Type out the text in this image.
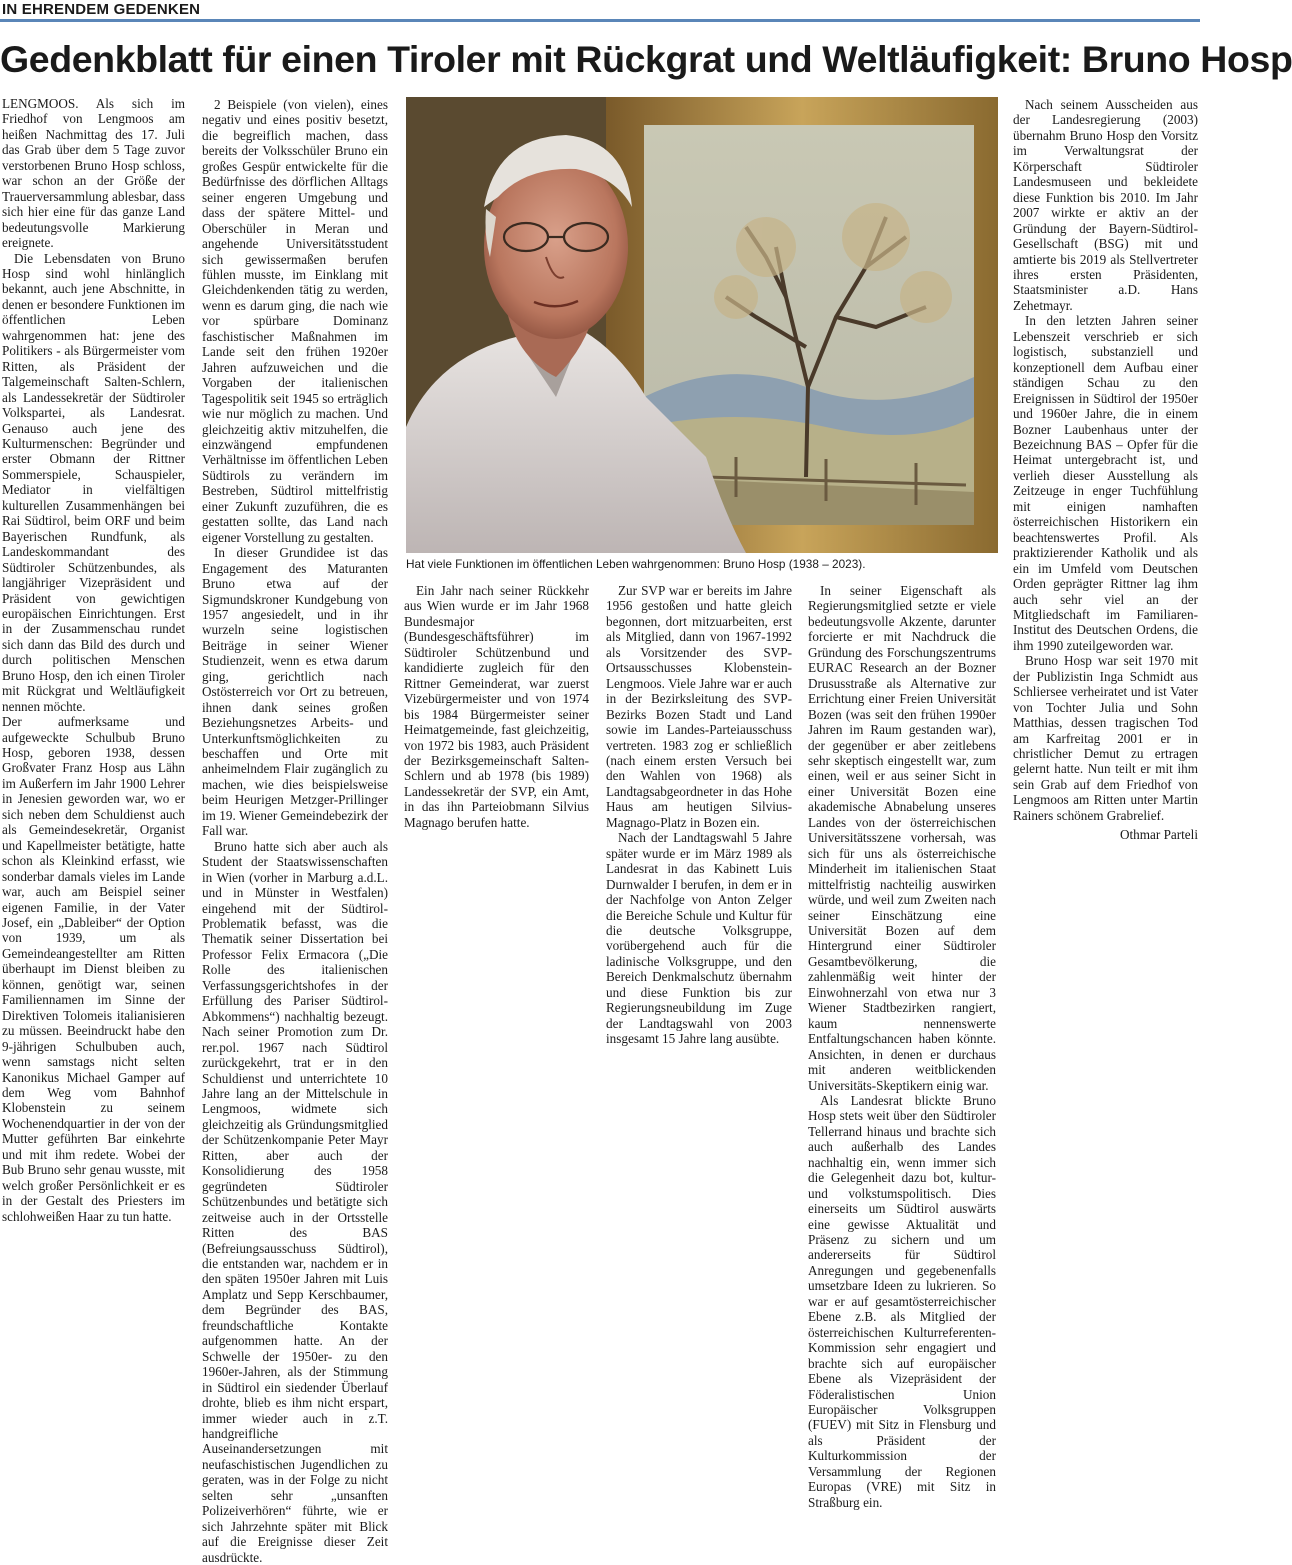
IN EHRENDEM GEDENKEN
Gedenkblatt für einen Tiroler mit Rückgrat und Weltläufigkeit: Bruno Hosp

LENGMOOS. Als sich im Friedhof von Lengmoos am heißen Nachmittag des 17. Juli das Grab über dem 5 Tage zuvor verstorbenen Bruno Hosp schloss, war schon an der Größe der Trauerversammlung ablesbar, dass sich hier eine für das ganze Land bedeutungsvolle Markierung ereignete.

Die Lebensdaten von Bruno Hosp sind wohl hinlänglich bekannt, auch jene Abschnitte, in denen er besondere Funktionen im öffentlichen Leben wahrgenommen hat: jene des Politikers - als Bürgermeister vom Ritten, als Präsident der Talgemeinschaft Salten-Schlern, als Landessekretär der Südtiroler Volkspartei, als Landesrat. Genauso auch jene des Kulturmenschen: Begründer und erster Obmann der Rittner Sommerspiele, Schauspieler, Mediator in vielfältigen kulturellen Zusammenhängen bei Rai Südtirol, beim ORF und beim Bayerischen Rundfunk, als Landeskommandant des Südtiroler Schützenbundes, als langjähriger Vizepräsident und Präsident von gewichtigen europäischen Einrichtungen. Erst in der Zusammenschau rundet sich dann das Bild des durch und durch politischen Menschen Bruno Hosp, den ich einen Tiroler mit Rückgrat und Weltläufigkeit nennen möchte.

Der aufmerksame und aufgeweckte Schulbub Bruno Hosp, geboren 1938, dessen Großvater Franz Hosp aus Lähn im Außerfern im Jahr 1900 Lehrer in Jenesien geworden war, wo er sich neben dem Schuldienst auch als Gemeindesekretär, Organist und Kapellmeister betätigte, hatte schon als Kleinkind erfasst, wie sonderbar damals vieles im Lande war, auch am Beispiel seiner eigenen Familie, in der Vater Josef, ein „Dableiber“ der Option von 1939, um als Gemeindeangestellter am Ritten überhaupt im Dienst bleiben zu können, genötigt war, seinen Familiennamen im Sinne der Direktiven Tolomeis italianisieren zu müssen. Beeindruckt habe den 9-jährigen Schulbuben auch, wenn samstags nicht selten Kanonikus Michael Gamper auf dem Weg vom Bahnhof Klobenstein zu seinem Wochenendquartier in der von der Mutter geführten Bar einkehrte und mit ihm redete. Wobei der Bub Bruno sehr genau wusste, mit welch großer Persönlichkeit er es in der Gestalt des Priesters im schlohweißen Haar zu tun hatte.

2 Beispiele (von vielen), eines negativ und eines positiv besetzt, die begreiflich machen, dass bereits der Volksschüler Bruno ein großes Gespür entwickelte für die Bedürfnisse des dörflichen Alltags seiner engeren Umgebung und dass der spätere Mittel- und Oberschüler in Meran und angehende Universitätsstudent sich gewissermaßen berufen fühlen musste, im Einklang mit Gleichdenkenden tätig zu werden, wenn es darum ging, die nach wie vor spürbare Dominanz faschistischer Maßnahmen im Lande seit den frühen 1920er Jahren aufzuweichen und die Vorgaben der italienischen Tagespolitik seit 1945 so erträglich wie nur möglich zu machen. Und gleichzeitig aktiv mitzuhelfen, die einzwängend empfundenen Verhältnisse im öffentlichen Leben Südtirols zu verändern im Bestreben, Südtirol mittelfristig einer Zukunft zuzuführen, die es gestatten sollte, das Land nach eigener Vorstellung zu gestalten.

In dieser Grundidee ist das Engagement des Maturanten Bruno etwa auf der Sigmundskroner Kundgebung von 1957 angesiedelt, und in ihr wurzeln seine logistischen Beiträge in seiner Wiener Studienzeit, wenn es etwa darum ging, gerichtlich nach Ostösterreich vor Ort zu betreuen, ihnen dank seines großen Beziehungsnetzes Arbeits- und Unterkunftsmöglichkeiten zu beschaffen und Orte mit anheimelndem Flair zugänglich zu machen, wie dies beispielsweise beim Heurigen Metzger-Prillinger im 19. Wiener Gemeindebezirk der Fall war.

Bruno hatte sich aber auch als Student der Staatswissenschaften in Wien (vorher in Marburg a.d.L. und in Münster in Westfalen) eingehend mit der Südtirol-Problematik befasst, was die Thematik seiner Dissertation bei Professor Felix Ermacora („Die Rolle des italienischen Verfassungsgerichtshofes in der Erfüllung des Pariser Südtirol-Abkommens“) nachhaltig bezeugt. Nach seiner Promotion zum Dr. rer.pol. 1967 nach Südtirol zurückgekehrt, trat er in den Schuldienst und unterrichtete 10 Jahre lang an der Mittelschule in Lengmoos, widmete sich gleichzeitig als Gründungsmitglied der Schützenkompanie Peter Mayr Ritten, aber auch der Konsolidierung des 1958 gegründeten Südtiroler Schützenbundes und betätigte sich zeitweise auch in der Ortsstelle Ritten des BAS (Befreiungsausschuss Südtirol), die entstanden war, nachdem er in den späten 1950er Jahren mit Luis Amplatz und Sepp Kerschbaumer, dem Begründer des BAS, freundschaftliche Kontakte aufgenommen hatte. An der Schwelle der 1950er- zu den 1960er-Jahren, als der Stimmung in Südtirol ein siedender Überlauf drohte, blieb es ihm nicht erspart, immer wieder auch in z.T. handgreifliche Auseinandersetzungen mit neufaschistischen Jugendlichen zu geraten, was in der Folge zu nicht selten sehr „unsanften Polizeiverhören“ führte, wie er sich Jahrzehnte später mit Blick auf die Ereignisse dieser Zeit ausdrückte.

Hat viele Funktionen im öffentlichen Leben wahrgenommen: Bruno Hosp (1938 – 2023).

Ein Jahr nach seiner Rückkehr aus Wien wurde er im Jahr 1968 Bundesmajor (Bundesgeschäftsführer) im Südtiroler Schützenbund und kandidierte zugleich für den Rittner Gemeinderat, war zuerst Vizebürgermeister und von 1974 bis 1984 Bürgermeister seiner Heimatgemeinde, fast gleichzeitig, von 1972 bis 1983, auch Präsident der Bezirksgemeinschaft Salten-Schlern und ab 1978 (bis 1989) Landessekretär der SVP, ein Amt, in das ihn Parteiobmann Silvius Magnago berufen hatte.

Zur SVP war er bereits im Jahre 1956 gestoßen und hatte gleich begonnen, dort mitzuarbeiten, erst als Mitglied, dann von 1967-1992 als Vorsitzender des SVP-Ortsausschusses Klobenstein-Lengmoos. Viele Jahre war er auch in der Bezirksleitung des SVP-Bezirks Bozen Stadt und Land sowie im Landes-Parteiausschuss vertreten. 1983 zog er schließlich (nach einem ersten Versuch bei den Wahlen von 1968) als Landtagsabgeordneter in das Hohe Haus am heutigen Silvius-Magnago-Platz in Bozen ein.

Nach der Landtagswahl 5 Jahre später wurde er im März 1989 als Landesrat in das Kabinett Luis Durnwalder I berufen, in dem er in der Nachfolge von Anton Zelger die Bereiche Schule und Kultur für die deutsche Volksgruppe, vorübergehend auch für die ladinische Volksgruppe, und den Bereich Denkmalschutz übernahm und diese Funktion bis zur Regierungsneubildung im Zuge der Landtagswahl von 2003 insgesamt 15 Jahre lang ausübte.

In seiner Eigenschaft als Regierungsmitglied setzte er viele bedeutungsvolle Akzente, darunter forcierte er mit Nachdruck die Gründung des Forschungszentrums EURAC Research an der Bozner Drususstraße als Alternative zur Errichtung einer Freien Universität Bozen (was seit den frühen 1990er Jahren im Raum gestanden war), der gegenüber er aber zeitlebens sehr skeptisch eingestellt war, zum einen, weil er aus seiner Sicht in einer Universität Bozen eine akademische Abnabelung unseres Landes von der österreichischen Universitätsszene vorhersah, was sich für uns als österreichische Minderheit im italienischen Staat mittelfristig nachteilig auswirken würde, und weil zum Zweiten nach seiner Einschätzung eine Universität Bozen auf dem Hintergrund einer Südtiroler Gesamtbevölkerung, die zahlenmäßig weit hinter der Einwohnerzahl von etwa nur 3 Wiener Stadtbezirken rangiert, kaum nennenswerte Entfaltungschancen haben könnte. Ansichten, in denen er durchaus mit anderen weitblickenden Universitäts-Skeptikern einig war.

Als Landesrat blickte Bruno Hosp stets weit über den Südtiroler Tellerrand hinaus und brachte sich auch außerhalb des Landes nachhaltig ein, wenn immer sich die Gelegenheit dazu bot, kultur- und volkstumspolitisch. Dies einerseits um Südtirol auswärts eine gewisse Aktualität und Präsenz zu sichern und um andererseits für Südtirol Anregungen und gegebenenfalls umsetzbare Ideen zu lukrieren. So war er auf gesamtösterreichischer Ebene z.B. als Mitglied der österreichischen Kulturreferenten-Kommission sehr engagiert und brachte sich auf europäischer Ebene als Vizepräsident der Föderalistischen Union Europäischer Volksgruppen (FUEV) mit Sitz in Flensburg und als Präsident der Kulturkommission der Versammlung der Regionen Europas (VRE) mit Sitz in Straßburg ein.

Nach seinem Ausscheiden aus der Landesregierung (2003) übernahm Bruno Hosp den Vorsitz im Verwaltungsrat der Körperschaft Südtiroler Landesmuseen und bekleidete diese Funktion bis 2010. Im Jahr 2007 wirkte er aktiv an der Gründung der Bayern-Südtirol-Gesellschaft (BSG) mit und amtierte bis 2019 als Stellvertreter ihres ersten Präsidenten, Staatsminister a.D. Hans Zehetmayr.

In den letzten Jahren seiner Lebenszeit verschrieb er sich logistisch, substanziell und konzeptionell dem Aufbau einer ständigen Schau zu den Ereignissen in Südtirol der 1950er und 1960er Jahre, die in einem Bozner Laubenhaus unter der Bezeichnung BAS – Opfer für die Heimat untergebracht ist, und verlieh dieser Ausstellung als Zeitzeuge in enger Tuchfühlung mit einigen namhaften österreichischen Historikern ein beachtenswertes Profil. Als praktizierender Katholik und als ein im Umfeld vom Deutschen Orden geprägter Rittner lag ihm auch sehr viel an der Mitgliedschaft im Familiaren-Institut des Deutschen Ordens, die ihm 1990 zuteilgeworden war.

Bruno Hosp war seit 1970 mit der Publizistin Inga Schmidt aus Schliersee verheiratet und ist Vater von Tochter Julia und Sohn Matthias, dessen tragischen Tod am Karfreitag 2001 er in christlicher Demut zu ertragen gelernt hatte. Nun teilt er mit ihm sein Grab auf dem Friedhof von Lengmoos am Ritten unter Martin Rainers schönem Grabrelief.

Othmar Parteli
